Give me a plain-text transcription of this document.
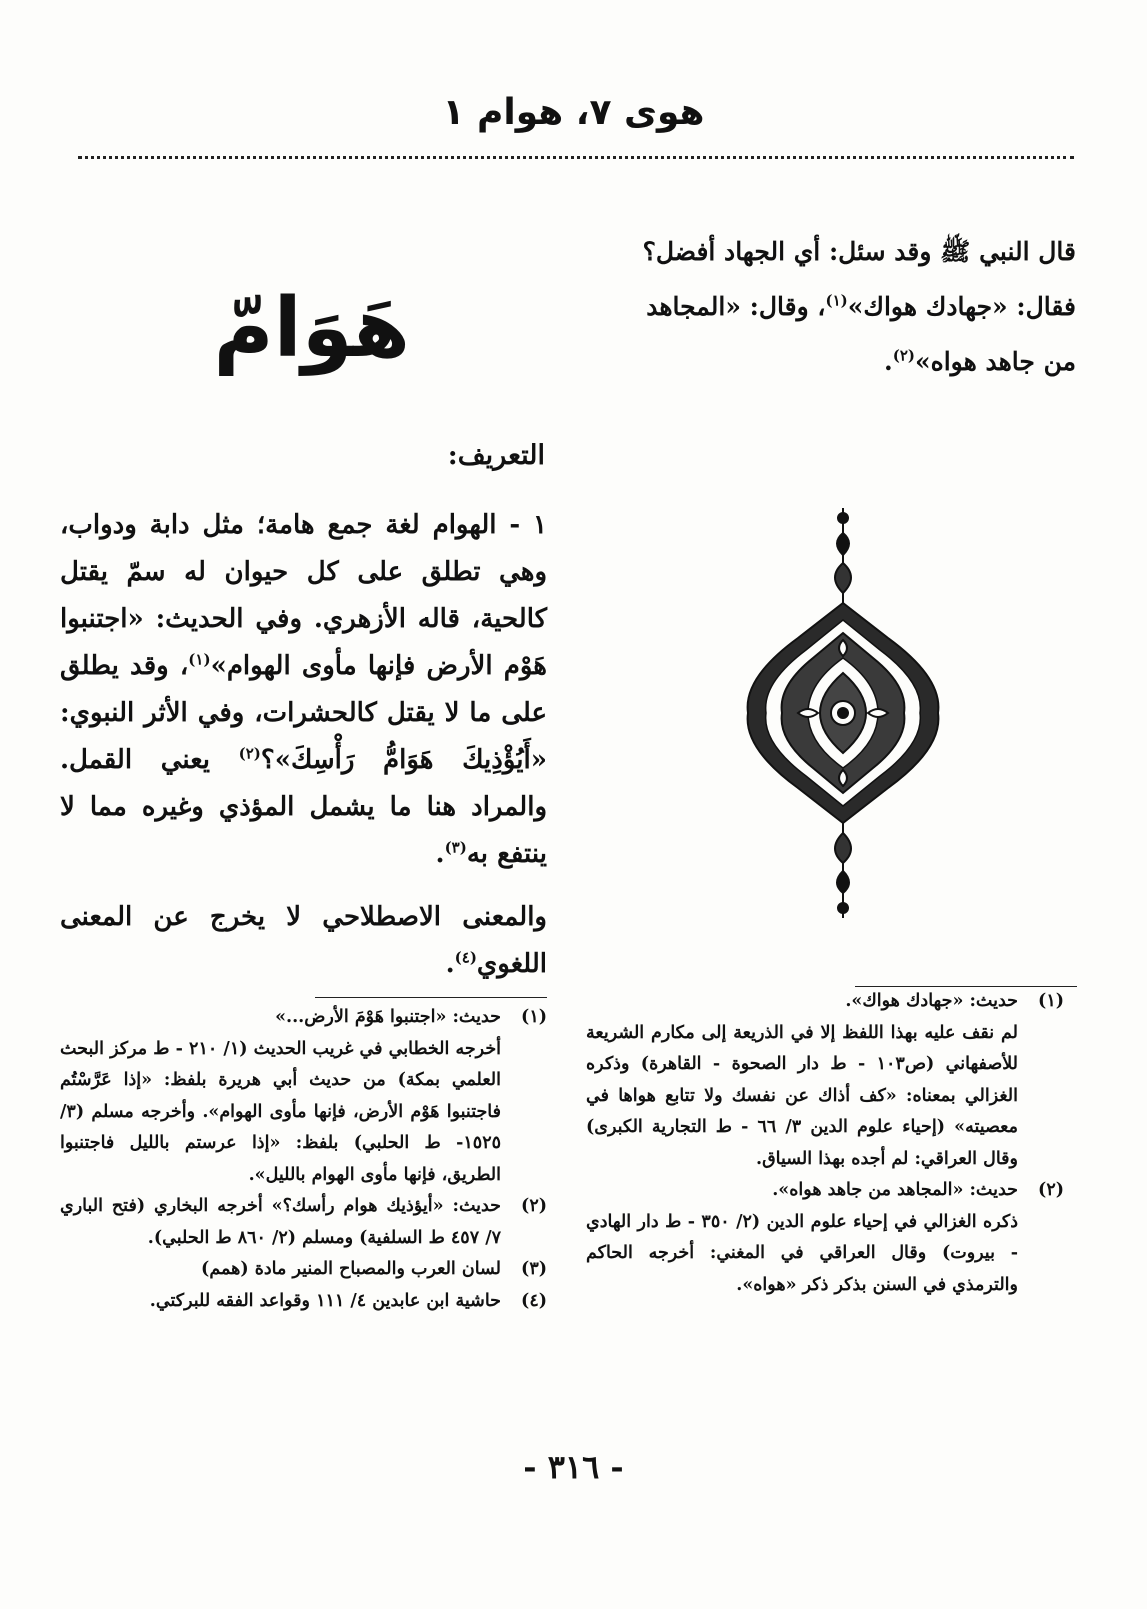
هوى ٧، هوام ١

قال النبي ﷺ وقد سئل: أي الجهاد أفضل؟

فقال: «جهادك هواك»$^{(١)}$، وقال: «المجاهد

من جاهد هواه»$^{(٢)}$.

هَوَامّ
التعريف:

١ - الهوام لغة جمع هامة؛ مثل دابة ودواب، وهي تطلق على كل حيوان له سمّ يقتل كالحية، قاله الأزهري. وفي الحديث: «اجتنبوا هَوْم الأرض فإنها مأوى الهوام»$^{(١)}$، وقد يطلق على ما لا يقتل كالحشرات، وفي الأثر النبوي: «أَيُؤْذِيكَ هَوَامُّ رَأْسِكَ»؟$^{(٢)}$ يعني القمل. والمراد هنا ما يشمل المؤذي وغيره مما لا ينتفع به$^{(٣)}$.

والمعنى الاصطلاحي لا يخرج عن المعنى اللغوي$^{(٤)}$.

(١)

حديث: «اجتنبوا هَوْمَ الأرض...»

أخرجه الخطابي في غريب الحديث (١/ ٢١٠ - ط مركز البحث العلمي بمكة) من حديث أبي هريرة بلفظ: «إذا عَرَّسْتُم فاجتنبوا هَوْم الأرض، فإنها مأوى الهوام». وأخرجه مسلم (٣/ ١٥٢٥- ط الحلبي) بلفظ: «إذا عرستم بالليل فاجتنبوا الطريق، فإنها مأوى الهوام بالليل».

(٢)

حديث: «أيؤذيك هوام رأسك؟» أخرجه البخاري (فتح الباري ٧/ ٤٥٧ ط السلفية) ومسلم (٢/ ٨٦٠ ط الحلبي).

(٣)

لسان العرب والمصباح المنير مادة (همم)

(٤)

حاشية ابن عابدين ٤/ ١١١ وقواعد الفقه للبركتي.

(١)

حديث: «جهادك هواك».

لم نقف عليه بهذا اللفظ إلا في الذريعة إلى مكارم الشريعة للأصفهاني (ص١٠٣ - ط دار الصحوة - القاهرة) وذكره الغزالي بمعناه: «كف أذاك عن نفسك ولا تتابع هواها في معصيته» (إحياء علوم الدين ٣/ ٦٦ - ط التجارية الكبرى) وقال العراقي: لم أجده بهذا السياق.

(٢)

حديث: «المجاهد من جاهد هواه».

ذكره الغزالي في إحياء علوم الدين (٢/ ٣٥٠ - ط دار الهادي - بيروت) وقال العراقي في المغني: أخرجه الحاكم والترمذي في السنن بذكر ذكر «هواه».

- ٣١٦ -
